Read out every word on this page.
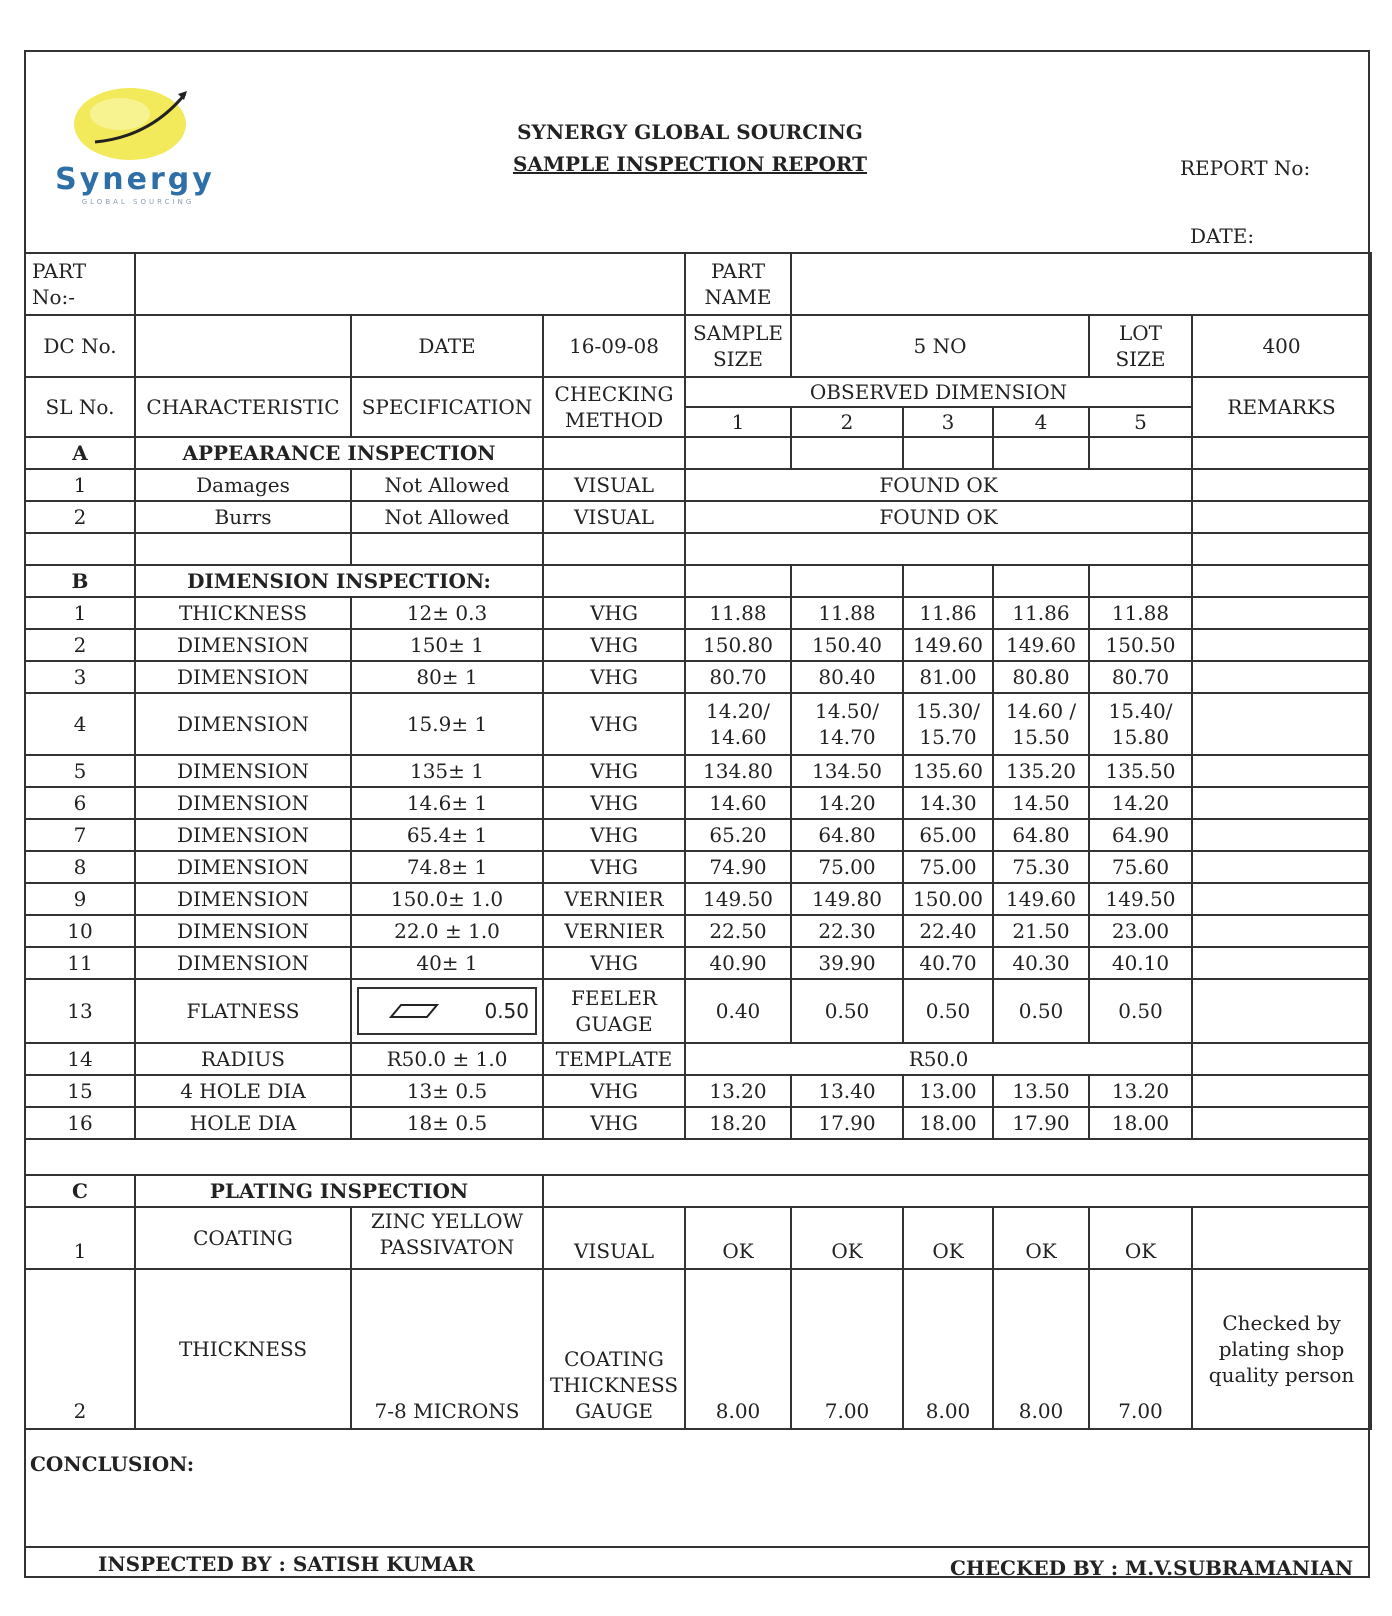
Synergy
GLOBAL SOURCING
SYNERGY GLOBAL SOURCING
SAMPLE INSPECTION REPORT	REPORT No:
DATE:
PART No:-				PART NAME					
DC No.		DATE	16-09-08	SAMPLE SIZE	5 NO			LOT SIZE	400
SL No.	CHARACTERISTIC	SPECIFICATION	CHECKING METHOD	OBSERVED DIMENSION					REMARKS
				1	2	3	4	5	
A	APPEARANCE INSPECTION								
1	Damages	Not Allowed	VISUAL	FOUND OK					
2	Burrs	Not Allowed	VISUAL	FOUND OK					

B	DIMENSION INSPECTION:								
1	THICKNESS	12± 0.3	VHG	11.88	11.88	11.86	11.86	11.88	
2	DIMENSION	150± 1	VHG	150.80	150.40	149.60	149.60	150.50	
3	DIMENSION	80± 1	VHG	80.70	80.40	81.00	80.80	80.70	
4	DIMENSION	15.9± 1	VHG	14.20/ 14.60	14.50/ 14.70	15.30/ 15.70	14.60 / 15.50	15.40/ 15.80	
5	DIMENSION	135± 1	VHG	134.80	134.50	135.60	135.20	135.50	
6	DIMENSION	14.6± 1	VHG	14.60	14.20	14.30	14.50	14.20	
7	DIMENSION	65.4± 1	VHG	65.20	64.80	65.00	64.80	64.90	
8	DIMENSION	74.8± 1	VHG	74.90	75.00	75.00	75.30	75.60	
9	DIMENSION	150.0± 1.0	VERNIER	149.50	149.80	150.00	149.60	149.50	
10	DIMENSION	22.0 ± 1.0	VERNIER	22.50	22.30	22.40	21.50	23.00	
11	DIMENSION	40± 1	VHG	40.90	39.90	40.70	40.30	40.10	
13	FLATNESS	0.50	FEELER GUAGE	0.40	0.50	0.50	0.50	0.50	
14	RADIUS	R50.0 ± 1.0	TEMPLATE	R50.0					
15	4 HOLE DIA	13± 0.5	VHG	13.20	13.40	13.00	13.50	13.20	
16	HOLE DIA	18± 0.5	VHG	18.20	17.90	18.00	17.90	18.00	

C	PLATING INSPECTION								
1	COATING	ZINC YELLOW PASSIVATON	VISUAL	OK	OK	OK	OK	OK	
2	THICKNESS	7-8 MICRONS	COATING THICKNESS GAUGE	8.00	7.00	8.00	8.00	7.00	Checked by plating shop quality person
CONCLUSION:
INSPECTED BY : SATISH KUMAR	CHECKED BY : M.V.SUBRAMANIAN
